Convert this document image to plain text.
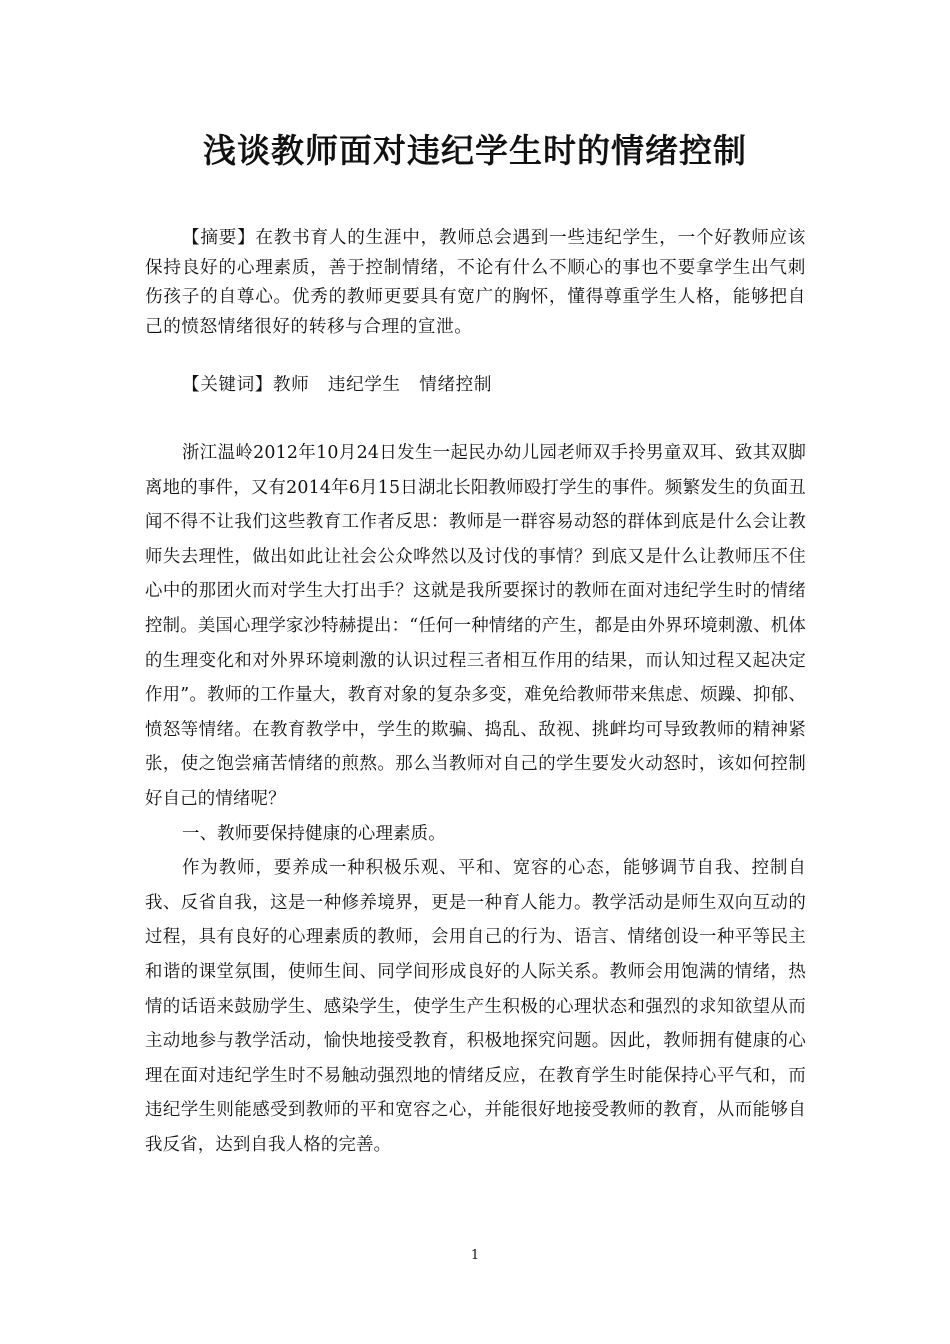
浅谈教师面对违纪学生时的情绪控制

【摘要】在教书育人的生涯中，教师总会遇到一些违纪学生，一个好教师应该保持良好的心理素质，善于控制情绪，不论有什么不顺心的事也不要拿学生出气刺伤孩子的自尊心。优秀的教师更要具有宽广的胸怀，懂得尊重学生人格，能够把自己的愤怒情绪很好的转移与合理的宣泄。

【关键词】教师   违纪学生   情绪控制

浙江温岭2012年10月24日发生一起民办幼儿园老师双手拎男童双耳、致其双脚离地的事件，又有2014年6月15日湖北长阳教师殴打学生的事件。频繁发生的负面丑闻不得不让我们这些教育工作者反思：教师是一群容易动怒的群体到底是什么会让教师失去理性，做出如此让社会公众哗然以及讨伐的事情？到底又是什么让教师压不住心中的那团火而对学生大打出手？这就是我所要探讨的教师在面对违纪学生时的情绪控制。美国心理学家沙特赫提出：“任何一种情绪的产生，都是由外界环境刺激、机体的生理变化和对外界环境刺激的认识过程三者相互作用的结果，而认知过程又起决定作用”。教师的工作量大，教育对象的复杂多变，难免给教师带来焦虑、烦躁、抑郁、愤怒等情绪。在教育教学中，学生的欺骗、捣乱、敌视、挑衅均可导致教师的精神紧张，使之饱尝痛苦情绪的煎熬。那么当教师对自己的学生要发火动怒时，该如何控制好自己的情绪呢？

一、教师要保持健康的心理素质。

作为教师，要养成一种积极乐观、平和、宽容的心态，能够调节自我、控制自我、反省自我，这是一种修养境界，更是一种育人能力。教学活动是师生双向互动的过程，具有良好的心理素质的教师，会用自己的行为、语言、情绪创设一种平等民主和谐的课堂氛围，使师生间、同学间形成良好的人际关系。教师会用饱满的情绪，热情的话语来鼓励学生、感染学生，使学生产生积极的心理状态和强烈的求知欲望从而主动地参与教学活动，愉快地接受教育，积极地探究问题。因此，教师拥有健康的心理在面对违纪学生时不易触动强烈地的情绪反应，在教育学生时能保持心平气和，而违纪学生则能感受到教师的平和宽容之心，并能很好地接受教师的教育，从而能够自我反省，达到自我人格的完善。

1
